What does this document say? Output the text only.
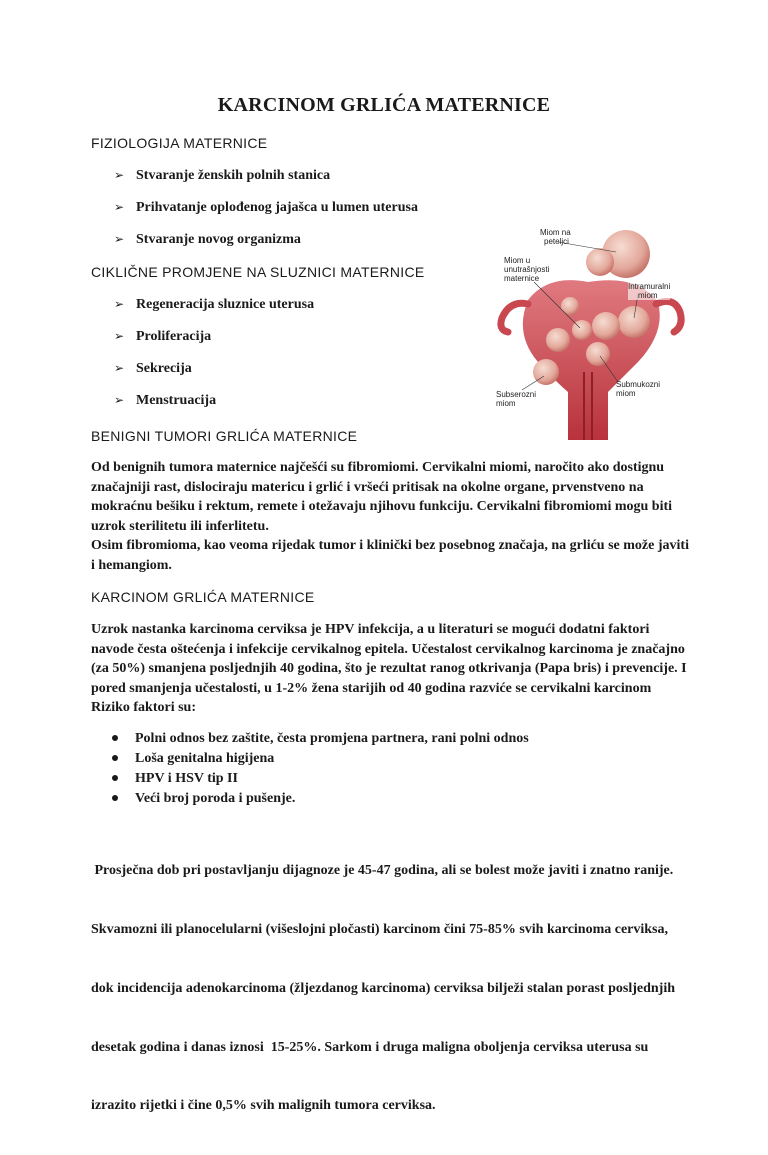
KARCINOM GRLIĆA MATERNICE
FIZIOLOGIJA MATERNICE
➢ Stvaranje ženskih polnih stanica
➢ Prihvatanje oplođenog jajašca u lumen uterusa
➢ Stvaranje novog organizma
CIKLIČNE PROMJENE NA SLUZNICI MATERNICE
➢ Regeneracija sluznice uterusa
➢ Proliferacija
➢ Sekrecija
➢ Menstruacija
BENIGNI TUMORI GRLIĆA MATERNICE

Od benignih tumora maternice najčešći su fibromiomi. Cervikalni miomi, naročito ako dostignu

značajniji rast, dislociraju matericu i grlić i vršeći pritisak na okolne organe, prvenstveno na

mokraćnu bešiku i rektum, remete i otežavaju njihovu funkciju. Cervikalni fibromiomi mogu biti

uzrok sterilitetu ili inferlitetu.

Osim fibromioma, kao veoma rijedak tumor i klinički bez posebnog značaja, na grliću se može javiti

i hemangiom.

KARCINOM GRLIĆA MATERNICE

Uzrok nastanka karcinoma cerviksa je HPV infekcija, a u literaturi se mogući dodatni faktori

navode česta oštećenja i infekcije cervikalnog epitela. Učestalost cervikalnog karcinoma je značajno

(za 50%) smanjena posljednjih 40 godina, što je rezultat ranog otkrivanja (Papa bris) i prevencije. I

pored smanjenja učestalosti, u 1-2% žena starijih od 40 godina razviće se cervikalni karcinom

Riziko faktori su:

Polni odnos bez zaštite, česta promjena partnera, rani polni odnos
Loša genitalna higijena
HPV i HSV tip II
Veći broj poroda i pušenje.

Prosječna dob pri postavljanju dijagnoze je 45-47 godina, ali se bolest može javiti i znatno ranije.

Skvamozni ili planocelularni (višeslojni pločasti) karcinom čini 75-85% svih karcinoma cerviksa,

dok incidencija adenokarcinoma (žljezdanog karcinoma) cerviksa bilježi stalan porast posljednjih

desetak godina i danas iznosi  15-25%. Sarkom i druga maligna oboljenja cerviksa uterusa su

izrazito rijetki i čine 0,5% svih malignih tumora cerviksa.

Miom na
peteljci
Miom u
unutrašnjosti
maternice
Intramuralni
miom
Submukozni
miom
Subserozni
miom
